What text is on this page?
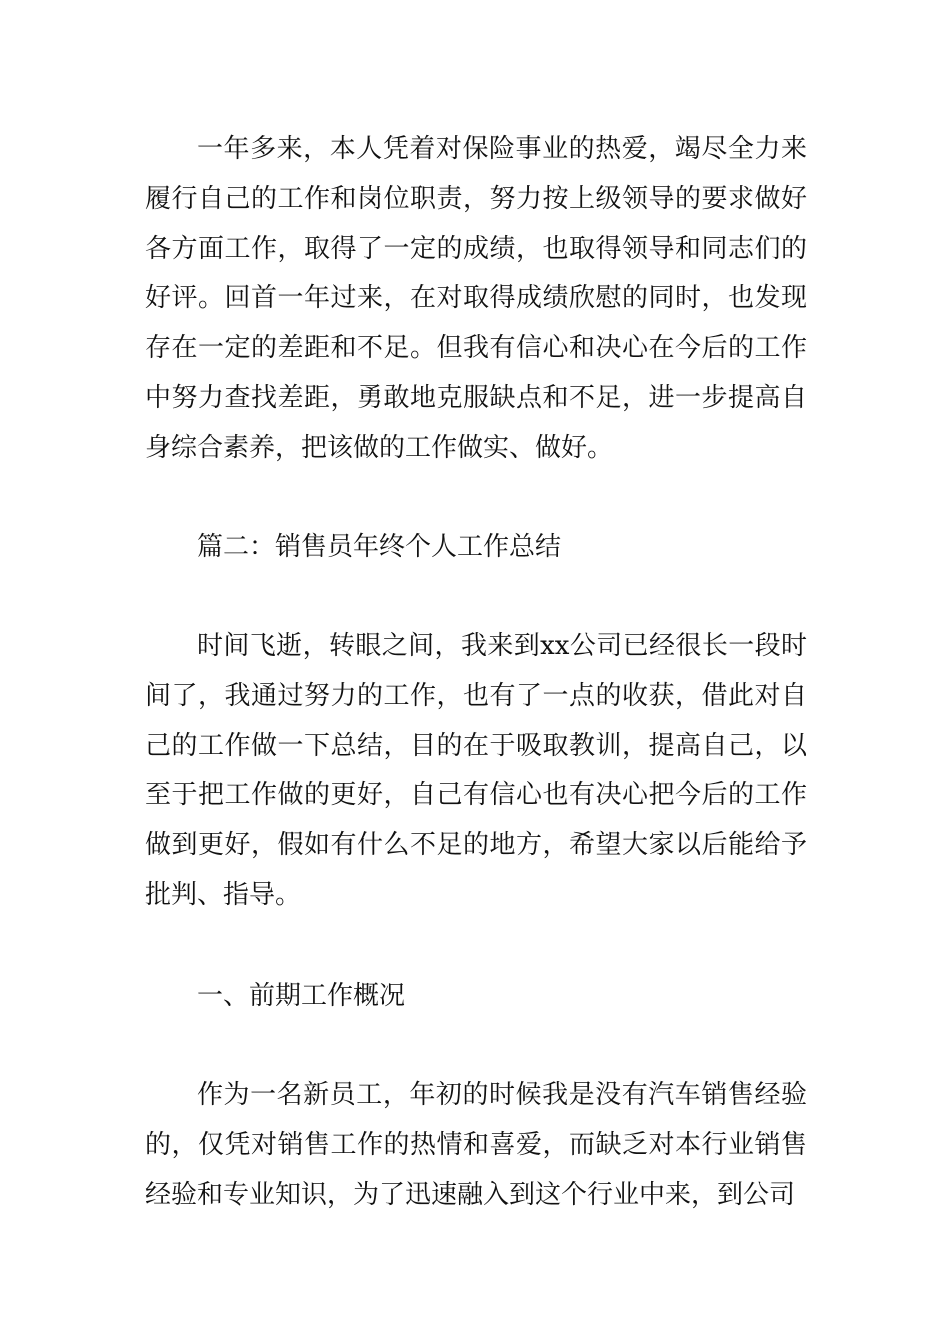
一年多来，本人凭着对保险事业的热爱，竭尽全力来履行自己的工作和岗位职责，努力按上级领导的要求做好各方面工作，取得了一定的成绩，也取得领导和同志们的好评。回首一年过来，在对取得成绩欣慰的同时，也发现存在一定的差距和不足。但我有信心和决心在今后的工作中努力查找差距，勇敢地克服缺点和不足，进一步提高自身综合素养，把该做的工作做实、做好。

篇二：销售员年终个人工作总结

时间飞逝，转眼之间，我来到xx公司已经很长一段时间了，我通过努力的工作，也有了一点的收获，借此对自己的工作做一下总结，目的在于吸取教训，提高自己，以至于把工作做的更好，自己有信心也有决心把今后的工作做到更好，假如有什么不足的地方，希望大家以后能给予批判、指导。

一、前期工作概况

作为一名新员工，年初的时候我是没有汽车销售经验的，仅凭对销售工作的热情和喜爱，而缺乏对本行业销售经验和专业知识，为了迅速融入到这个行业中来，到公司
